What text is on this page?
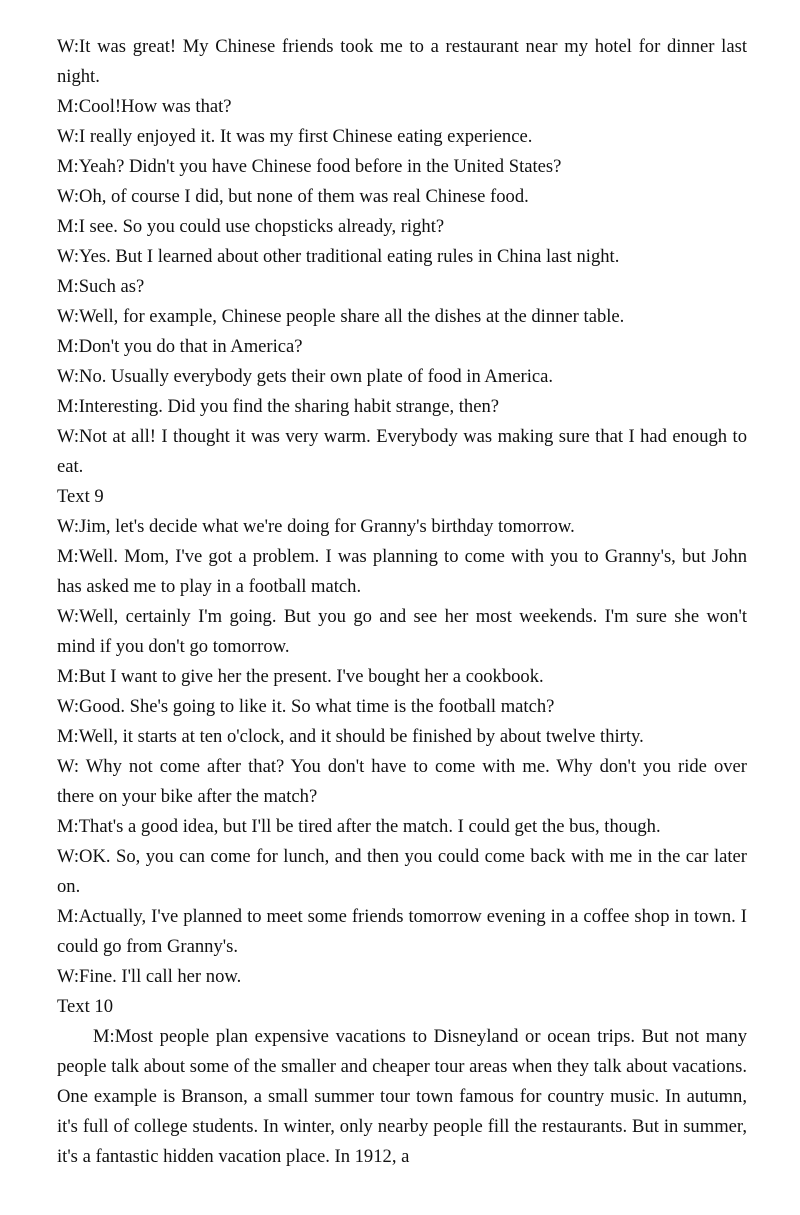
W:It was great! My Chinese friends took me to a restaurant near my hotel for dinner last night.

M:Cool!How was that?

W:I really enjoyed it. It was my first Chinese eating experience.

M:Yeah? Didn't you have Chinese food before in the United States?

W:Oh, of course I did, but none of them was real Chinese food.

M:I see. So you could use chopsticks already, right?

W:Yes. But I learned about other traditional eating rules in China last night.

M:Such as?

W:Well, for example, Chinese people share all the dishes at the dinner table.

M:Don't you do that in America?

W:No. Usually everybody gets their own plate of food in America.

M:Interesting. Did you find the sharing habit strange, then?

W:Not at all! I thought it was very warm. Everybody was making sure that I had enough to eat.

Text 9

W:Jim, let's decide what we're doing for Granny's birthday tomorrow.

M:Well. Mom, I've got a problem. I was planning to come with you to Granny's, but John has asked me to play in a football match.

W:Well, certainly I'm going. But you go and see her most weekends. I'm sure she won't mind if you don't go tomorrow.

M:But I want to give her the present. I've bought her a cookbook.

W:Good. She's going to like it. So what time is the football match?

M:Well, it starts at ten o'clock, and it should be finished by about twelve thirty.

W: Why not come after that? You don't have to come with me. Why don't you ride over there on your bike after the match?

M:That's a good idea, but I'll be tired after the match. I could get the bus, though.

W:OK. So, you can come for lunch, and then you could come back with me in the car later on.

M:Actually, I've planned to meet some friends tomorrow evening in a coffee shop in town. I could go from Granny's.

W:Fine. I'll call her now.

Text 10

M:Most people plan expensive vacations to Disneyland or ocean trips. But not many people talk about some of the smaller and cheaper tour areas when they talk about vacations. One example is Branson, a small summer tour town famous for country music. In autumn, it's full of college students. In winter, only nearby people fill the restaurants. But in summer, it's a fantastic hidden vacation place. In 1912, a
